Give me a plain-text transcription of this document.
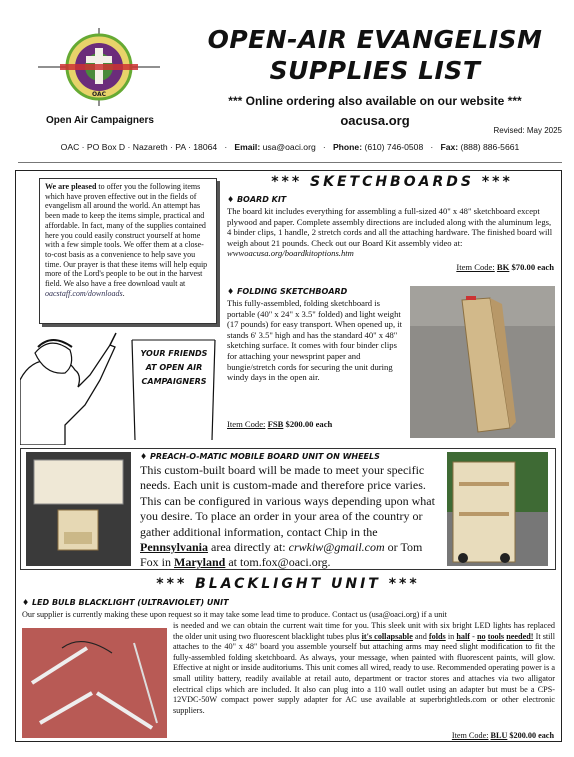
OAC
OPEN-AIR EVANGELISM
SUPPLIES LIST
*** Online ordering also available on our website ***
oacusa.org
Open Air Campaigners
Revised: May 2025
OAC · PO Box D · Nazareth · PA · 18064 · Email: usa@oaci.org · Phone: (610) 746-0508 · Fax: (888) 886-5661
We are pleased to offer you the following items which have proven effective out in the fields of evangelism all around the world. An attempt has been made to keep the items simple, practical and affordable. In fact, many of the supplies contained here you could easily construct yourself at home with a few simple tools. We offer them at a close-to-cost basis as a convenience to help save you time. Our prayer is that these items will help equip more of the Lord's people to be out in the harvest field. We also have a free download vault at oacstaff.com/downloads.
YOUR FRIENDS
AT OPEN AIR
CAMPAIGNERS
*** SKETCHBOARDS ***
♦ BOARD KIT
The board kit includes everything for assembling a full-sized 40" x 48" sketchboard except plywood and paper. Complete assembly directions are included along with the aluminum legs, 4 binder clips, 1 handle, 2 stretch cords and all the attaching hardware. The finished board will weigh about 21 pounds. Check out our Board Kit assembly video at: wwwoacusa.org/boardkitoptions.htm
Item Code: BK $70.00 each
♦ FOLDING SKETCHBOARD
This fully-assembled, folding sketchboard is portable (40" x 24" x 3.5" folded) and light weight (17 pounds) for easy transport. When opened up, it stands 6' 3.5" high and has the standard 40" x 48" sketching surface. It comes with four binder clips for attaching your newsprint paper and bungie/stretch cords for securing the unit during windy days in the open air.
Item Code: FSB $200.00 each
♦ PREACH-O-MATIC MOBILE BOARD UNIT ON WHEELS
This custom-built board will be made to meet your specific needs. Each unit is custom-made and therefore price varies. This can be configured in various ways depending upon what you desire. To place an order in your area of the country or gather additional information, contact Chip in the Pennsylvania area directly at: crwkiw@gmail.com or Tom Fox in Maryland at tom.fox@oaci.org.
*** BLACKLIGHT UNIT ***
♦ LED BULB BLACKLIGHT (ULTRAVIOLET) UNIT
Our supplier is currently making these upon request so it may take some lead time to produce. Contact us (usa@oaci.org) if a unit
is needed and we can obtain the current wait time for you. This sleek unit with six bright LED lights has replaced the older unit using two fluorescent blacklight tubes plus it's collapsable and folds in half - no tools needed! It still attaches to the 40" x 48" board you assemble yourself but attaching arms may need slight modification to fit the fully-assembled folding sketchboard. As always, your message, when painted with fluorescent paints, will glow. Effective at night or inside auditoriums. This unit comes all wired, ready to use. Recommended operating power is a small utility battery, readily available at retail auto, department or tractor stores and attaches via two alligator electrical clips which are included. It also can plug into a 110 wall outlet using an adapter but must be a CPS-12VDC-50W compact power supply adapter for AC use available at superbrightleds.com or other electronic suppliers.
Item Code: BLU $200.00 each
